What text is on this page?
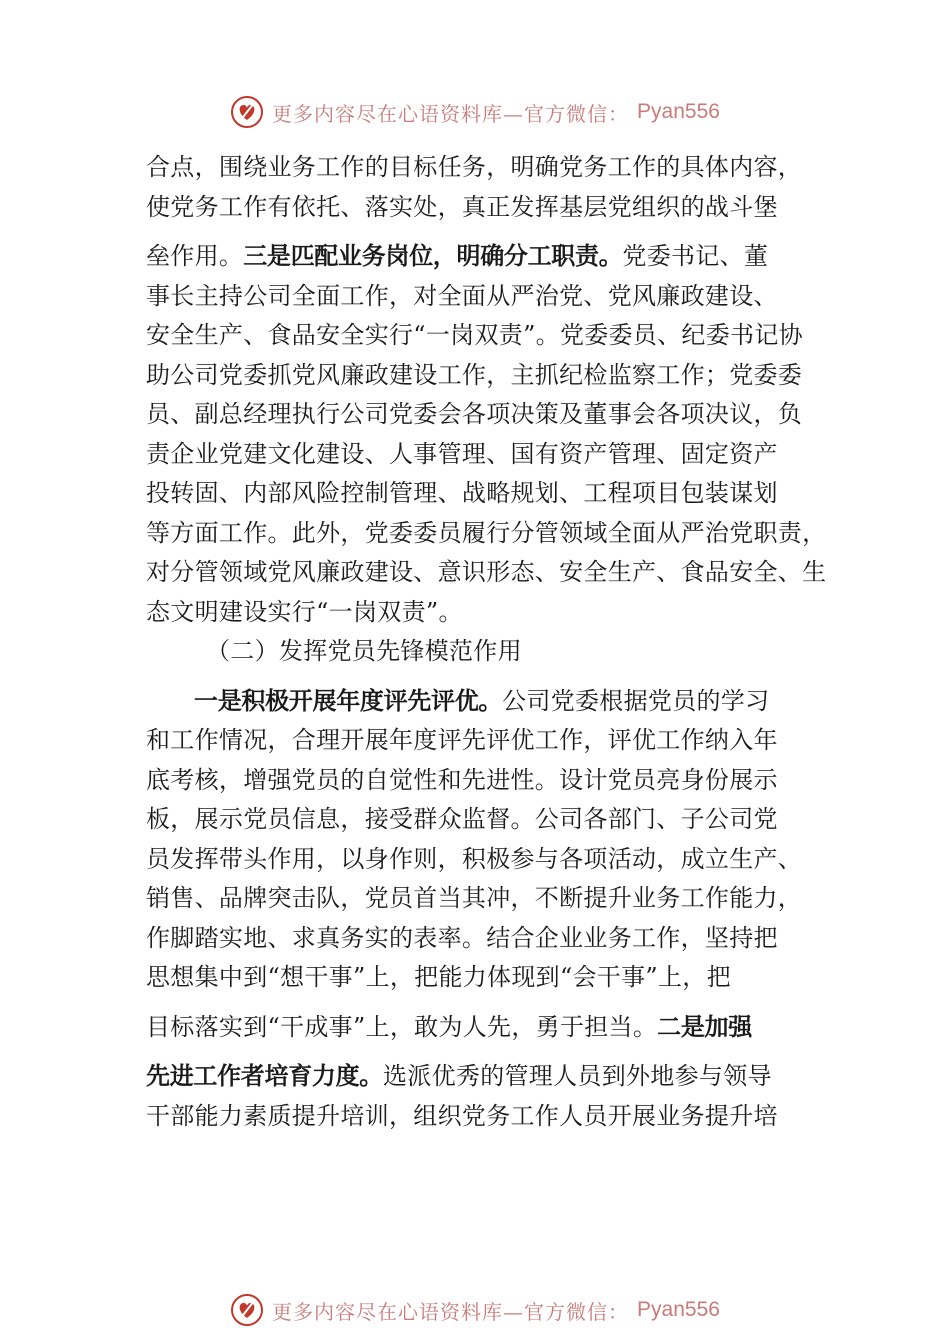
更多内容尽在心语资料库—官方微信： Pyan556
合点，围绕业务工作的目标任务，明确党务工作的具体内容，
使党务工作有依托、落实处，真正发挥基层党组织的战斗堡
垒作用。三是匹配业务岗位，明确分工职责。党委书记、董
事长主持公司全面工作，对全面从严治党、党风廉政建设、
安全生产、食品安全实行“一岗双责”。党委委员、纪委书记协
助公司党委抓党风廉政建设工作，主抓纪检监察工作；党委委
员、副总经理执行公司党委会各项决策及董事会各项决议，负
责企业党建文化建设、人事管理、国有资产管理、固定资产
投转固、内部风险控制管理、战略规划、工程项目包装谋划
等方面工作。此外，党委委员履行分管领域全面从严治党职责，
对分管领域党风廉政建设、意识形态、安全生产、食品安全、生
态文明建设实行“一岗双责”。
（二）发挥党员先锋模范作用
一是积极开展年度评先评优。公司党委根据党员的学习
和工作情况，合理开展年度评先评优工作，评优工作纳入年
底考核，增强党员的自觉性和先进性。设计党员亮身份展示
板，展示党员信息，接受群众监督。公司各部门、子公司党
员发挥带头作用，以身作则，积极参与各项活动，成立生产、
销售、品牌突击队，党员首当其冲，不断提升业务工作能力，
作脚踏实地、求真务实的表率。结合企业业务工作，坚持把
思想集中到“想干事”上，把能力体现到“会干事”上，把
目标落实到“干成事”上，敢为人先，勇于担当。二是加强
先进工作者培育力度。选派优秀的管理人员到外地参与领导
干部能力素质提升培训，组织党务工作人员开展业务提升培
更多内容尽在心语资料库—官方微信： Pyan556
